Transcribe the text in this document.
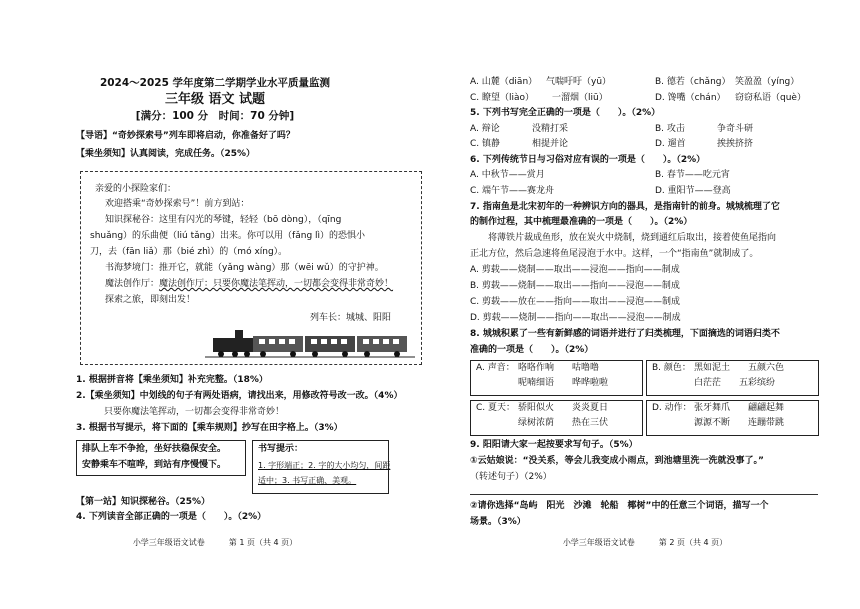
2024～2025 学年度第二学期学业水平质量监测
三年级 语文 试题
[满分：100 分　时间：70 分钟]
【导语】“奇妙探索号”列车即将启动，你准备好了吗？
【乘坐须知】认真阅读，完成任务。（25%）
亲爱的小探险家们：
欢迎搭乘“奇妙探索号”！前方到站：
知识探秘谷：这里有闪光的琴键，轻轻（bō dòng），（qīng
shuǎng）的乐曲便（liú tǎng）出来。你可以用（fǎng lì）的恐惧小
刀，去（fān liǎ）那（bié zhì）的（mó xíng）。
书海梦境门：推开它，就能（yǎng wàng）那（wēi wǔ）的守护神。
魔法创作厅：魔法创作厅：只要你魔法笔挥动，一切都会变得非常奇妙！
探索之旅，即刻出发！
列车长：城城、阳阳
1. 根据拼音将【乘坐须知】补充完整。（18%）
2.【乘坐须知】中划线的句子有两处语病，请找出来，用修改符号改一改。（4%）
只要你魔法笔挥动，一切都会变得非常奇妙！
3. 根据书写提示，将下面的【乘车规则】抄写在田字格上。（3%）
排队上车不争抢，坐好扶稳保安全。
安静乘车不喧哗，到站有序慢慢下。
书写提示：
1. 字形端正；2. 字的大小均匀，间距
适中；3. 书写正确、美观。
【第一站】知识探秘谷。（25%）
4. 下列读音全部正确的一项是（　　）。（2%）
小学三年级语文试卷　　　第 1 页（共 4 页）
A. 山麓（diān） 气喘吁吁（yū）	B. 德若（chǎng） 笑盈盈（yíng）
C. 瞭望（liào） 一溜烟（liū）	D. 馋嘴（chán） 窃窃私语（què）
5. 下列书写完全正确的一项是（　　）。（2%）
A. 辩论	没精打采	B. 攻击	争奇斗研
C. 镇静	相提并论	D. 遛首	挨挨挤挤
6. 下列传统节日与习俗对应有误的一项是（　　）。（2%）
A. 中秋节——赏月	B. 春节——吃元宵
C. 端午节——赛龙舟	D. 重阳节——登高
7. 指南鱼是北宋初年的一种辨识方向的器具，是指南针的前身。城城梳理了它
的制作过程，其中梳理最准确的一项是（　　）。（2%）
将薄铁片裁成鱼形，放在炭火中烧制，烧到通红后取出，接着使鱼尾指向
正北方位，然后急速将鱼尾浸泡于水中。这样，一个“指南鱼”就制成了。
A. 剪载——烧制——取出——浸泡——指向——制成
B. 剪载——烧制——取出——指向——浸泡——制成
C. 剪载——放在——指向——取出——浸泡——制成
D. 剪载——烧制——指向——取出——浸泡——制成
8. 城城积累了一些有新鲜感的词语并进行了归类梳理，下面摘选的词语归类不
准确的一项是（　　）。（2%）
A. 声音： 咯咯作响　　咕噜噜
呢喃细语　　哗哗啦啦
B. 颜色： 黑如泥土　　五颜六色
白茫茫　　五彩缤纷
C. 夏天： 骄阳似火　　炎炎夏日
绿树浓荫　　热在三伏
D. 动作： 张牙舞爪　　翩翩起舞
源源不断　　连蹦带跳
9. 阳阳请大家一起按要求写句子。（5%）
①云姑娘说：“没关系，等会儿我变成小雨点，到池塘里洗一洗就没事了。”
（转述句子）（2%）
②请你选择“岛屿　阳光　沙滩　轮船　椰树”中的任意三个词语，描写一个
场景。（3%）
小学三年级语文试卷　　　第 2 页（共 4 页）
